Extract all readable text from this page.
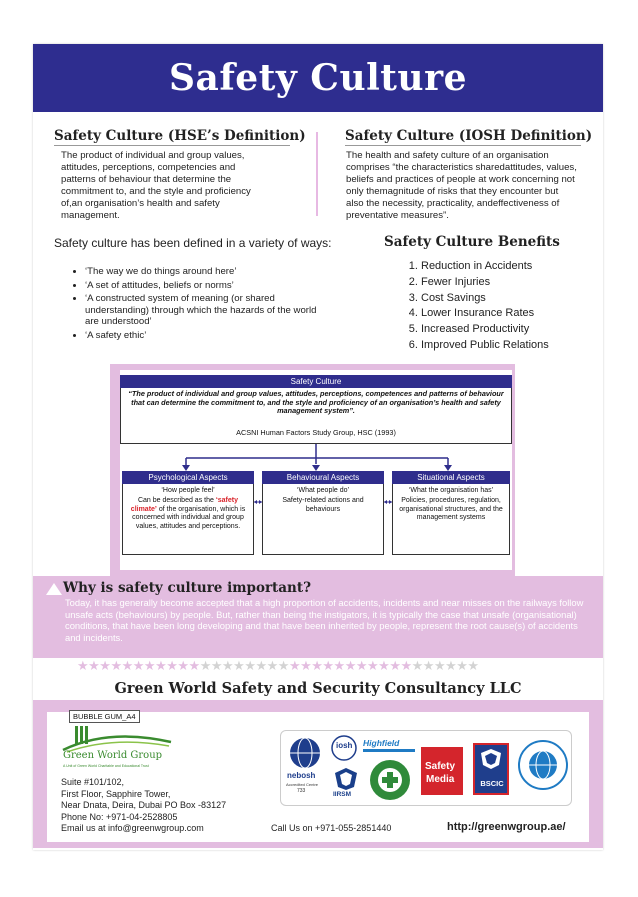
Safety Culture
Safety Culture (HSE’s Definition)
The product of individual and group values, attitudes, perceptions, competencies and patterns of behaviour that determine the commitment to, and the style and proficiency of,an organisation’s health and safety management.
Safety Culture (IOSH Definition)
The health and safety culture of an organisation comprises “the characteristics sharedattitudes, values, beliefs and practices of people at work concerning not only themagnitude of risks that they encounter but also the necessity, practicality, andeffectiveness of preventative measures”.
Safety culture has been defined in a variety of ways:
• ‘The way we do things around here’
• ‘A set of attitudes, beliefs or norms’
• ‘A constructed system of meaning (or shared understanding) through which the hazards of the world are understood’
• ‘A safety ethic’
Safety Culture Benefits
1. Reduction in Accidents
2. Fewer Injuries
3. Cost Savings
4. Lower Insurance Rates
5. Increased Productivity
6. Improved Public Relations
Safety Culture
“The product of individual and group values, attitudes, perceptions, competences and patterns of behaviour that can determine the commitment to, and the style and proficiency of an organisation’s health and safety management system”.
ACSNI Human Factors Study Group, HSC (1993)
Psychological Aspects
‘How people feel’
Can be described as the ‘safety climate’ of the organisation, which is concerned with individual and group values, attitudes and perceptions.
Behavioural Aspects
‘What people do’
Safety-related actions and behaviours
Situational Aspects
‘What the organisation has’
Policies, procedures, regulation, organisational structures, and the management systems
Why is safety culture important?

Today, it has generally become accepted that a high proportion of accidents, incidents and near misses on the railways follow unsafe acts (behaviours) by people. But, rather than being the instigators, it is typically the case that unsafe (organisational) conditions, that have been long developing and that have been inherited by people, represent the root cause(s) of accidents and incidents.

★★★★★★★★★★★★★★★★★★★★★★★★★★★★★★★★★★★★
Green World Safety and Security Consultancy LLC
BUBBLE GUM_A4
Green World Group
A Unit of Green World Charitable and Educational Trust
Suite #101/102,
First Floor, Sapphire Tower,
Near Dnata, Deira, Dubai PO Box -83127
Phone No: +971-04-2528805
Email us at info@greenwgroup.com
nebosh
Accredited Centre
733
iosh Highfield
IIRSM
Safety
Media	BSCIC
Call Us on +971-055-2851440	http://greenwgroup.ae/
